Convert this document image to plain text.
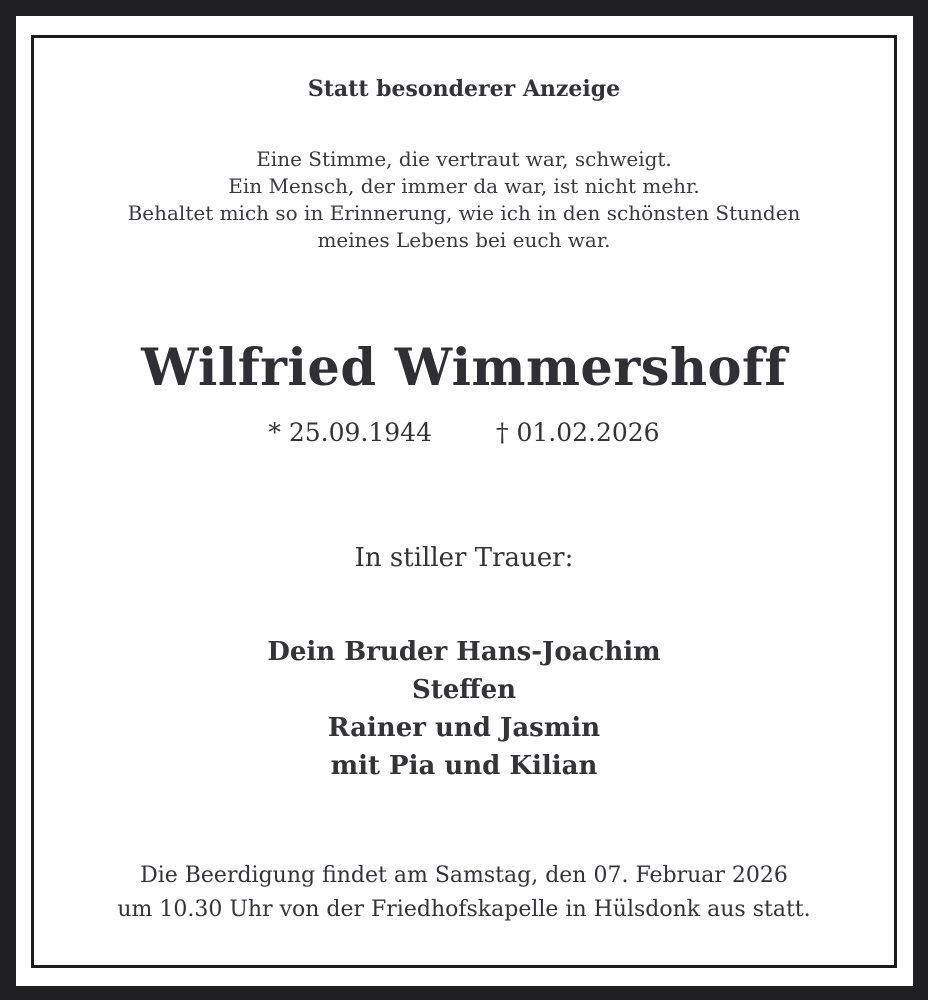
Statt besonderer Anzeige
Eine Stimme, die vertraut war, schweigt.
Ein Mensch, der immer da war, ist nicht mehr.
Behaltet mich so in Erinnerung, wie ich in den schönsten Stunden
meines Lebens bei euch war.
Wilfried Wimmershoff
* 25.09.1944	† 01.02.2026
In stiller Trauer:
Dein Bruder Hans-Joachim
Steffen
Rainer und Jasmin
mit Pia und Kilian
Die Beerdigung findet am Samstag, den 07. Februar 2026
um 10.30 Uhr von der Friedhofskapelle in Hülsdonk aus statt.
